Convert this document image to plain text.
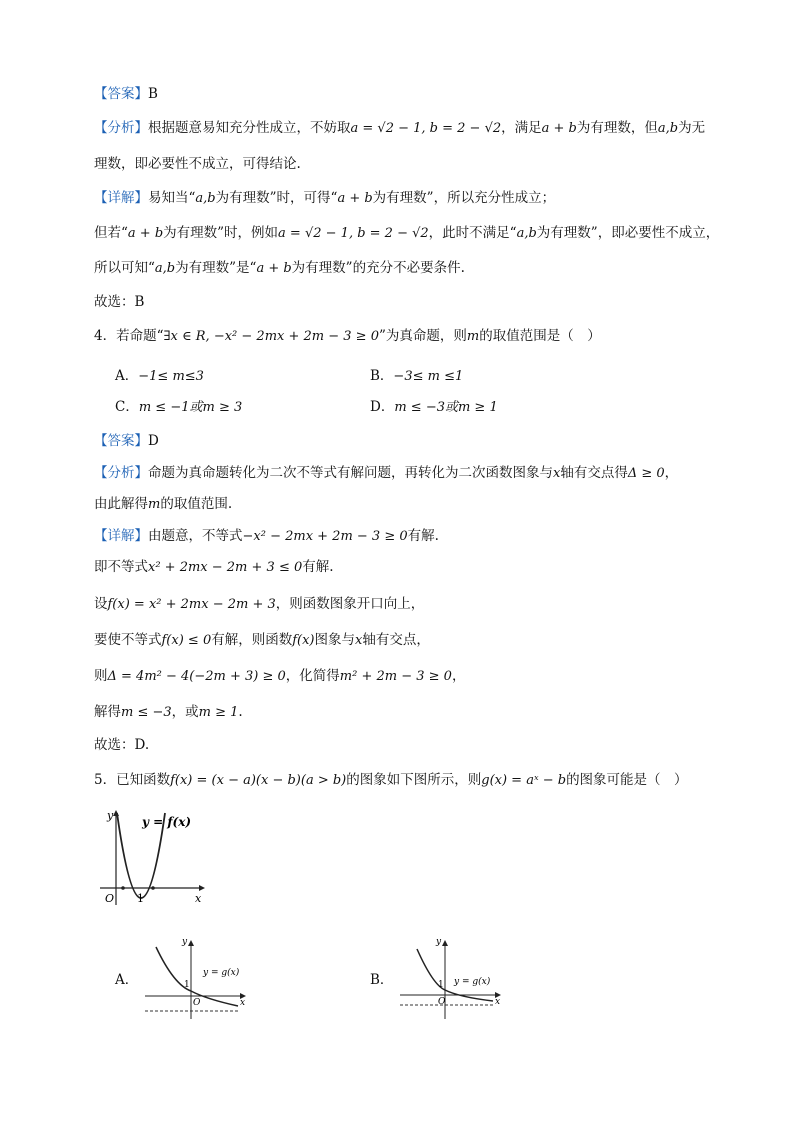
【答案】B
【分析】根据题意易知充分性成立，不妨取a = √2 − 1, b = 2 − √2，满足a + b为有理数，但a,b为无
理数，即必要性不成立，可得结论.
【详解】易知当“a,b为有理数”时，可得“a + b为有理数”，所以充分性成立；
但若“a + b为有理数”时，例如a = √2 − 1, b = 2 − √2，此时不满足“a,b为有理数”，即必要性不成立，
所以可知“a,b为有理数”是“a + b为有理数”的充分不必要条件.
故选：B
4．若命题“∃x ∈ R, −x² − 2mx + 2m − 3 ≥ 0”为真命题，则m的取值范围是（　）
A．−1≤ m≤3	B．−3≤ m ≤1
C．m ≤ −1或m ≥ 3	D．m ≤ −3或m ≥ 1
【答案】D
【分析】命题为真命题转化为二次不等式有解问题，再转化为二次函数图象与x轴有交点得Δ ≥ 0，
由此解得m的取值范围.
【详解】由题意，不等式−x² − 2mx + 2m − 3 ≥ 0有解.
即不等式x² + 2mx − 2m + 3 ≤ 0有解.
设f(x) = x² + 2mx − 2m + 3，则函数图象开口向上，
要使不等式f(x) ≤ 0有解，则函数f(x)图象与x轴有交点，
则Δ = 4m² − 4(−2m + 3) ≥ 0，化简得m² + 2m − 3 ≥ 0，
解得m ≤ −3，或m ≥ 1.
故选：D.
5．已知函数f(x) = (x − a)(x − b)(a > b)的图象如下图所示，则g(x) = aˣ − b的图象可能是（　）
y
x
O 1
y = f(x)
A．
y
x
O
1
y = g(x)	B．
y
x
O
1 y = g(x)
